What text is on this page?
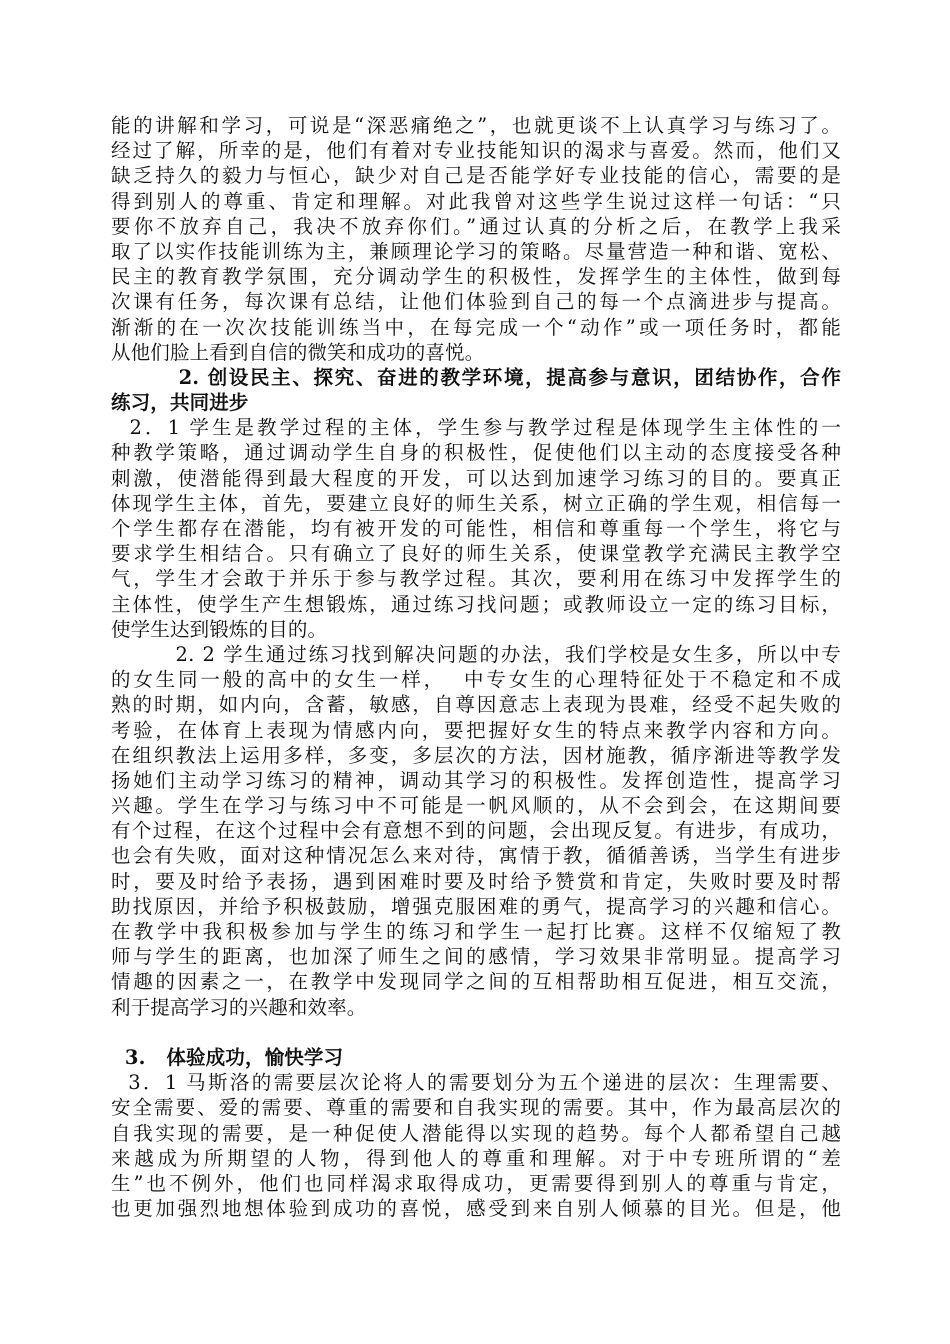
能的讲解和学习，可说是“深恶痛绝之”，也就更谈不上认真学习与练习了。
经过了解，所幸的是，他们有着对专业技能知识的渴求与喜爱。然而，他们又
缺乏持久的毅力与恒心，缺少对自己是否能学好专业技能的信心，需要的是
得到别人的尊重、肯定和理解。对此我曾对这些学生说过这样一句话：“只
要你不放弃自己，我决不放弃你们。”通过认真的分析之后，在教学上我采
取了以实作技能训练为主，兼顾理论学习的策略。尽量营造一种和谐、宽松、
民主的教育教学氛围，充分调动学生的积极性，发挥学生的主体性，做到每
次课有任务，每次课有总结，让他们体验到自己的每一个点滴进步与提高。
渐渐的在一次次技能训练当中，在每完成一个“动作”或一项任务时，都能
从他们脸上看到自信的微笑和成功的喜悦。
2. 创设民主、探究、奋进的教学环境，提高参与意识，团结协作，合作
练习，共同进步
2．1 学生是教学过程的主体，学生参与教学过程是体现学生主体性的一
种教学策略，通过调动学生自身的积极性，促使他们以主动的态度接受各种
刺激，使潜能得到最大程度的开发，可以达到加速学习练习的目的。要真正
体现学生主体，首先，要建立良好的师生关系，树立正确的学生观，相信每一
个学生都存在潜能，均有被开发的可能性，相信和尊重每一个学生，将它与
要求学生相结合。只有确立了良好的师生关系，使课堂教学充满民主教学空
气，学生才会敢于并乐于参与教学过程。其次，要利用在练习中发挥学生的
主体性，使学生产生想锻炼，通过练习找问题；或教师设立一定的练习目标，
使学生达到锻炼的目的。
2. 2 学生通过练习找到解决问题的办法，我们学校是女生多，所以中专
的女生同一般的高中的女生一样，  中专女生的心理特征处于不稳定和不成
熟的时期，如内向，含蓄，敏感，自尊因意志上表现为畏难，经受不起失败的
考验，在体育上表现为情感内向，要把握好女生的特点来教学内容和方向。
在组织教法上运用多样，多变，多层次的方法，因材施教，循序渐进等教学发
扬她们主动学习练习的精神，调动其学习的积极性。发挥创造性，提高学习
兴趣。学生在学习与练习中不可能是一帆风顺的，从不会到会，在这期间要
有个过程，在这个过程中会有意想不到的问题，会出现反复。有进步，有成功，
也会有失败，面对这种情况怎么来对待，寓情于教，循循善诱，当学生有进步
时，要及时给予表扬，遇到困难时要及时给予赞赏和肯定，失败时要及时帮
助找原因，并给予积极鼓励，增强克服困难的勇气，提高学习的兴趣和信心。
在教学中我积极参加与学生的练习和学生一起打比赛。这样不仅缩短了教
师与学生的距离，也加深了师生之间的感情，学习效果非常明显。提高学习
情趣的因素之一，在教学中发现同学之间的互相帮助相互促进，相互交流，
利于提高学习的兴趣和效率。
3.   体验成功，愉快学习
3．1 马斯洛的需要层次论将人的需要划分为五个递进的层次：生理需要、
安全需要、爱的需要、尊重的需要和自我实现的需要。其中，作为最高层次的
自我实现的需要，是一种促使人潜能得以实现的趋势。每个人都希望自己越
来越成为所期望的人物，得到他人的尊重和理解。对于中专班所谓的“差
生”也不例外，他们也同样渴求取得成功，更需要得到别人的尊重与肯定，
也更加强烈地想体验到成功的喜悦，感受到来自别人倾慕的目光。但是，他
